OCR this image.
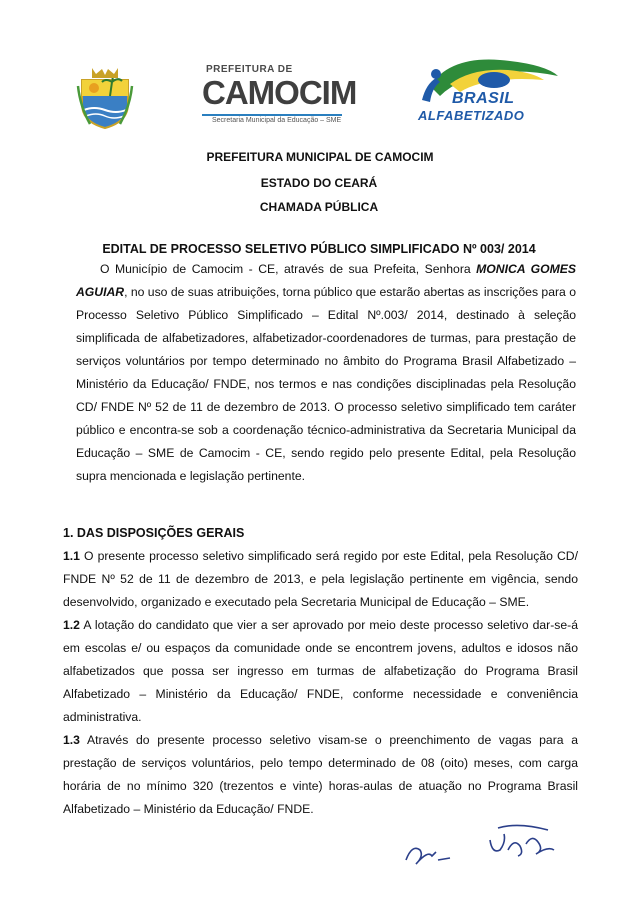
PREFEITURA DE
CAMOCIM
Secretaria Municipal da Educação – SME
BRASIL
ALFABETIZADO
PREFEITURA MUNICIPAL DE CAMOCIM
ESTADO DO CEARÁ
CHAMADA PÚBLICA
EDITAL DE PROCESSO SELETIVO PÚBLICO SIMPLIFICADO Nº 003/ 2014
O Município de Camocim - CE, através de sua Prefeita, Senhora MONICA GOMES AGUIAR, no uso de suas atribuições, torna público que estarão abertas as inscrições para o Processo Seletivo Público Simplificado – Edital Nº.003/ 2014, destinado à seleção simplificada de alfabetizadores, alfabetizador-coordenadores de turmas, para prestação de serviços voluntários por tempo determinado no âmbito do Programa Brasil Alfabetizado – Ministério da Educação/ FNDE, nos termos e nas condições disciplinadas pela Resolução CD/ FNDE Nº 52 de 11 de dezembro de 2013. O processo seletivo simplificado tem caráter público e encontra-se sob a coordenação técnico-administrativa da Secretaria Municipal da Educação – SME de Camocim - CE, sendo regido pelo presente Edital, pela Resolução supra mencionada e legislação pertinente.
1. DAS DISPOSIÇÕES GERAIS

1.1 O presente processo seletivo simplificado será regido por este Edital, pela Resolução CD/ FNDE Nº 52 de 11 de dezembro de 2013, e pela legislação pertinente em vigência, sendo desenvolvido, organizado e executado pela Secretaria Municipal de Educação – SME.

1.2 A lotação do candidato que vier a ser aprovado por meio deste processo seletivo dar-se-á em escolas e/ ou espaços da comunidade onde se encontrem jovens, adultos e idosos não alfabetizados que possa ser ingresso em turmas de alfabetização do Programa Brasil Alfabetizado – Ministério da Educação/ FNDE, conforme necessidade e conveniência administrativa.

1.3 Através do presente processo seletivo visam-se o preenchimento de vagas para a prestação de serviços voluntários, pelo tempo determinado de 08 (oito) meses, com carga horária de no mínimo 320 (trezentos e vinte) horas-aulas de atuação no Programa Brasil Alfabetizado – Ministério da Educação/ FNDE.
